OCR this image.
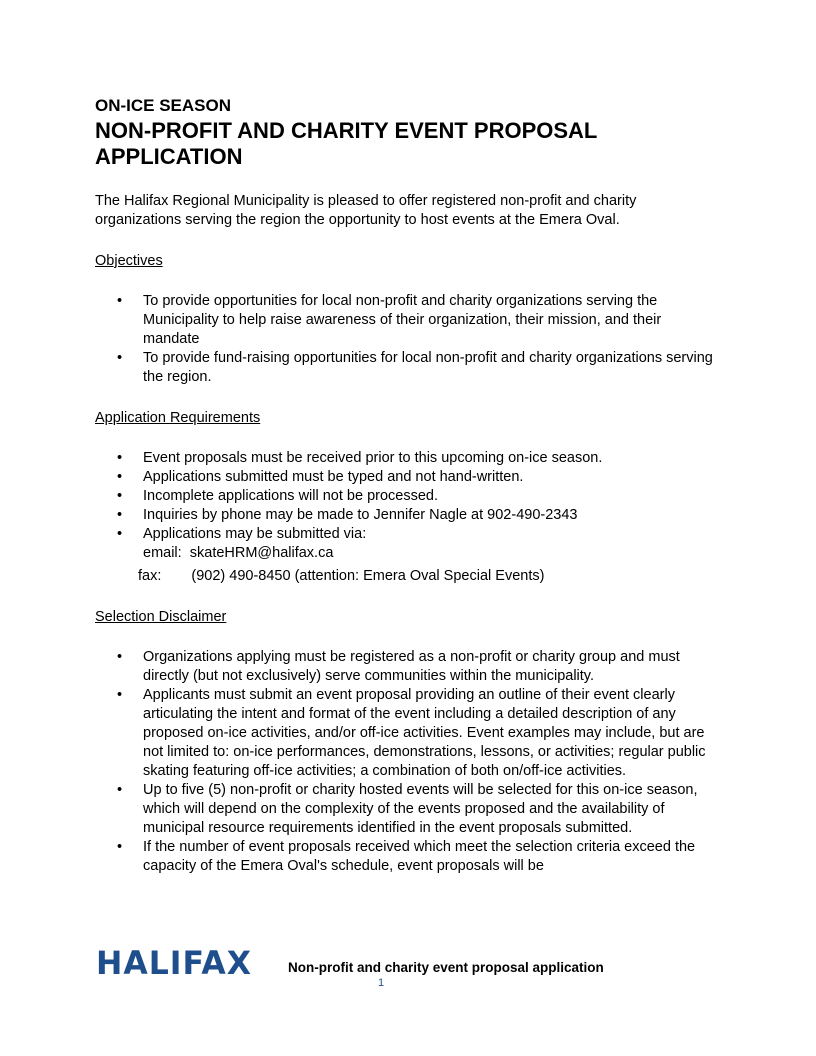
ON-ICE SEASON

NON-PROFIT AND CHARITY EVENT PROPOSAL APPLICATION

The Halifax Regional Municipality is pleased to offer registered non-profit and charity organizations serving the region the opportunity to host events at the Emera Oval.

Objectives
• To provide opportunities for local non-profit and charity organizations serving the Municipality to help raise awareness of their organization, their mission, and their mandate
• To provide fund-raising opportunities for local non-profit and charity organizations serving the region.
Application Requirements
• Event proposals must be received prior to this upcoming on-ice season.
• Applications submitted must be typed and not hand-written.
• Incomplete applications will not be processed.
• Inquiries by phone may be made to Jennifer Nagle at 902-490-2343
• Applications may be submitted via:
email: skateHRM@halifax.ca
fax: (902) 490-8450 (attention: Emera Oval Special Events)
Selection Disclaimer
• Organizations applying must be registered as a non-profit or charity group and must directly (but not exclusively) serve communities within the municipality.
• Applicants must submit an event proposal providing an outline of their event clearly articulating the intent and format of the event including a detailed description of any proposed on-ice activities, and/or off-ice activities. Event examples may include, but are not limited to: on-ice performances, demonstrations, lessons, or activities; regular public skating featuring off-ice activities; a combination of both on/off-ice activities.
• Up to five (5) non-profit or charity hosted events will be selected for this on-ice season, which will depend on the complexity of the events proposed and the availability of municipal resource requirements identified in the event proposals submitted.
• If the number of event proposals received which meet the selection criteria exceed the capacity of the Emera Oval's schedule, event proposals will be
HALIFAX	Non-profit and charity event proposal application
1
